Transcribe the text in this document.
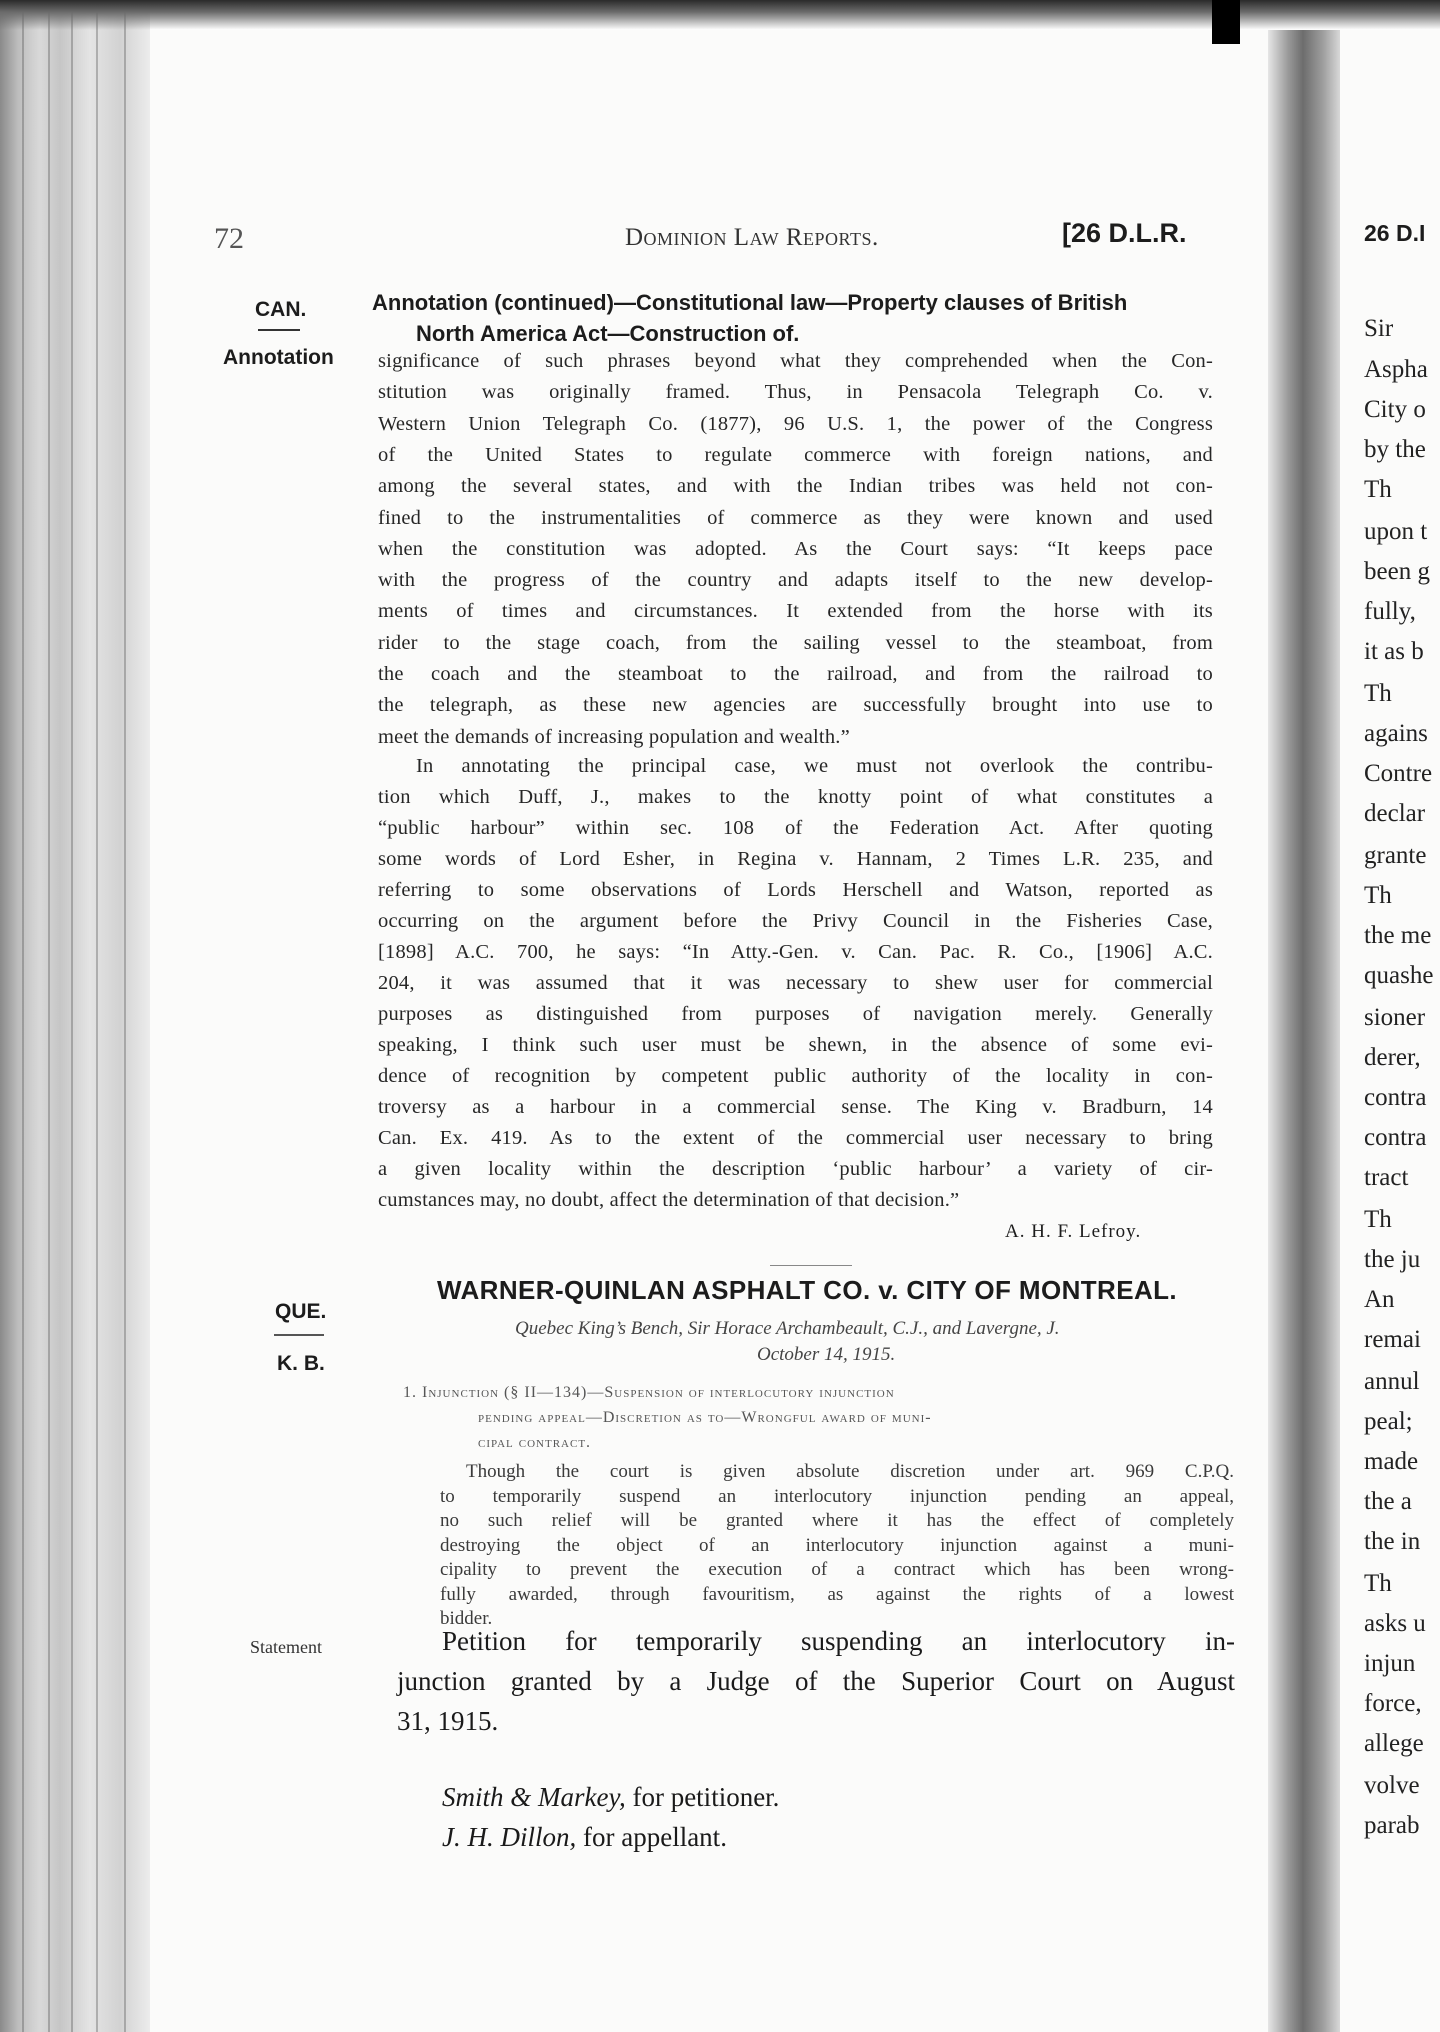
72	Dominion Law Reports.	[26 D.L.R.
CAN.
Annotation
Annotation (continued)—Constitutional law—Property clauses of British
North America Act—Construction of.
significance of such phrases beyond what they comprehended when the Con-
stitution was originally framed. Thus, in Pensacola Telegraph Co. v.
Western Union Telegraph Co. (1877), 96 U.S. 1, the power of the Congress
of the United States to regulate commerce with foreign nations, and
among the several states, and with the Indian tribes was held not con-
fined to the instrumentalities of commerce as they were known and used
when the constitution was adopted. As the Court says: “It keeps pace
with the progress of the country and adapts itself to the new develop-
ments of times and circumstances. It extended from the horse with its
rider to the stage coach, from the sailing vessel to the steamboat, from
the coach and the steamboat to the railroad, and from the railroad to
the telegraph, as these new agencies are successfully brought into use to
meet the demands of increasing population and wealth.”
In annotating the principal case, we must not overlook the contribu-
tion which Duff, J., makes to the knotty point of what constitutes a
“public harbour” within sec. 108 of the Federation Act. After quoting
some words of Lord Esher, in Regina v. Hannam, 2 Times L.R. 235, and
referring to some observations of Lords Herschell and Watson, reported as
occurring on the argument before the Privy Council in the Fisheries Case,
[1898] A.C. 700, he says: “In Atty.-Gen. v. Can. Pac. R. Co., [1906] A.C.
204, it was assumed that it was necessary to shew user for commercial
purposes as distinguished from purposes of navigation merely. Generally
speaking, I think such user must be shewn, in the absence of some evi-
dence of recognition by competent public authority of the locality in con-
troversy as a harbour in a commercial sense. The King v. Bradburn, 14
Can. Ex. 419. As to the extent of the commercial user necessary to bring
a given locality within the description ‘public harbour’ a variety of cir-
cumstances may, no doubt, affect the determination of that decision.”
A. H. F. Lefroy.
QUE.
K. B.
WARNER-QUINLAN ASPHALT CO. v. CITY OF MONTREAL.
Quebec King’s Bench, Sir Horace Archambeault, C.J., and Lavergne, J.
October 14, 1915.
1. Injunction (§ II—134)—Suspension of interlocutory injunction
pending appeal—Discretion as to—Wrongful award of muni-
cipal contract.
Though the court is given absolute discretion under art. 969 C.P.Q.
to temporarily suspend an interlocutory injunction pending an appeal,
no such relief will be granted where it has the effect of completely
destroying the object of an interlocutory injunction against a muni-
cipality to prevent the execution of a contract which has been wrong-
fully awarded, through favouritism, as against the rights of a lowest
bidder.
Statement	Petition for temporarily suspending an interlocutory in-
junction granted by a Judge of the Superior Court on August
31, 1915.
Smith & Markey, for petitioner.
J. H. Dillon, for appellant.
26 D.I
Sir
Aspha
City o
by the
Th
upon t
been g
fully,
it as b
Th
agains
Contre
declar
grante
Th
the me
quashe
sioner
derer,
contra
contra
tract
Th
the ju
An
remai
annul
peal;
made
the a
the in
Th
asks u
injun
force,
allege
volve
parab
